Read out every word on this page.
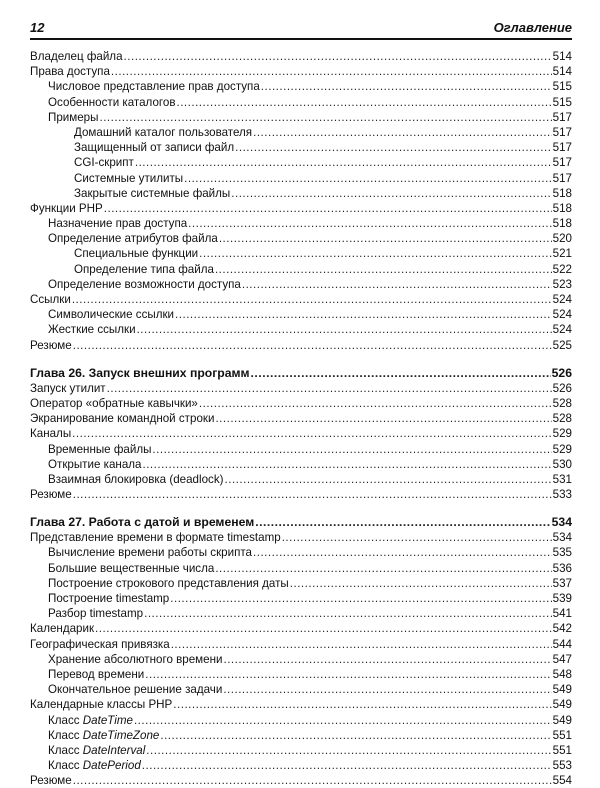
12	Оглавление
Владелец файла .....	514
Права доступа .....	514
Числовое представление прав доступа .....	515
Особенности каталогов .....	515
Примеры .....	517
Домашний каталог пользователя .....	517
Защищенный от записи файл .....	517
CGI-скрипт .....	517
Системные утилиты .....	517
Закрытые системные файлы .....	518
Функции PHP .....	518
Назначение прав доступа .....	518
Определение атрибутов файла .....	520
Специальные функции .....	521
Определение типа файла .....	522
Определение возможности доступа .....	523
Ссылки .....	524
Символические ссылки .....	524
Жесткие ссылки .....	524
Резюме .....	525
Глава 26. Запуск внешних программ .....	526
Запуск утилит .....	526
Оператор «обратные кавычки» .....	528
Экранирование командной строки .....	528
Каналы .....	529
Временные файлы .....	529
Открытие канала .....	530
Взаимная блокировка (deadlock) .....	531
Резюме .....	533
Глава 27. Работа с датой и временем .....	534
Представление времени в формате timestamp .....	534
Вычисление времени работы скрипта .....	535
Большие вещественные числа .....	536
Построение строкового представления даты .....	537
Построение timestamp .....	539
Разбор timestamp .....	541
Календарик .....	542
Географическая привязка .....	544
Хранение абсолютного времени .....	547
Перевод времени .....	548
Окончательное решение задачи .....	549
Календарные классы PHP .....	549
Класс DateTime .....	549
Класс DateTimeZone .....	551
Класс DateInterval .....	551
Класс DatePeriod .....	553
Резюме .....	554
